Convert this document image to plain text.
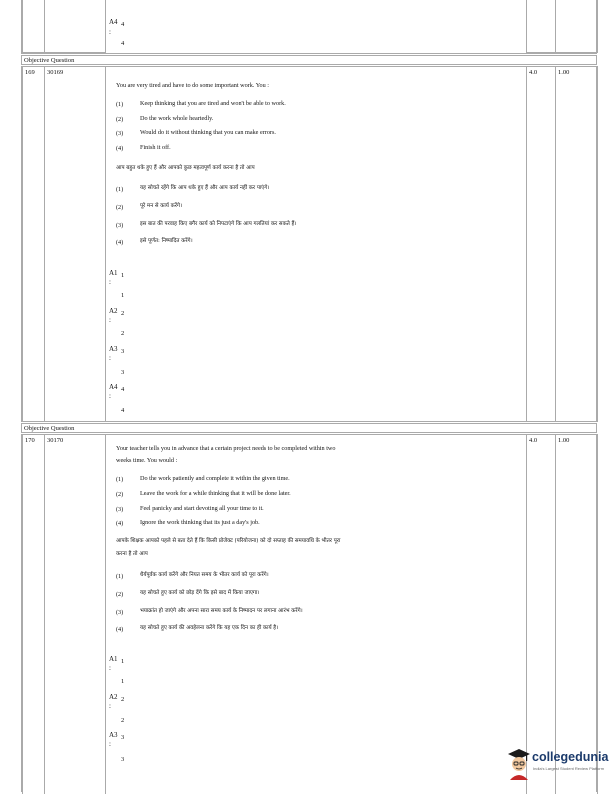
A4 4
:
4
Objective Question
169 30169	4.0	1.00
You are very tired and have to do some important work. You :
(1)	Keep thinking that you are tired and won't be able to work.
(2)	Do the work whole heartedly.
(3)	Would do it without thinking that you can make errors.
(4)	Finish it off.
आप बहुत थके हुए हैं और आपको कुछ महत्वपूर्ण कार्य करना है तो आप
(1)	यह सोचते रहेंगे कि आप थके हुए हैं और आप कार्य नहीं कर पाएंगे।
(2)	पूरे मन से कार्य करेंगे।
(3)	इस बात की परवाह किए बगैर कार्य को निपटाएंगे कि आप गलतियां कर सकते हैं।
(4)	इसे पूर्णत: निष्पादित करेंगे।
A1 1
:
1
A2 2
:
2
A3 3
:
3
A4 4
:
4
Objective Question
170 30170	4.0	1.00
Your teacher tells you in advance that a certain project needs to be completed within two
weeks time. You would :
(1)	Do the work patiently and complete it within the given time.
(2)	Leave the work for a while thinking that it will be done later.
(3)	Feel panicky and start devoting all your time to it.
(4)	Ignore the work thinking that its just a day's job.
आपके शिक्षक आपको पहले से बता देते हैं कि किसी प्रोजेक्ट (परियोजना) को दो सप्ताह की समयावधि के भीतर पूरा
करना है तो आप
(1)	धैर्यपूर्वक कार्य करेंगे और नियत समय के भीतर कार्य को पूरा करेंगे।
(2)	यह सोचते हुए कार्य को छोड़ देंगे कि इसे बाद में किया जाएगा।
(3)	भयाक्रांत हो जाएंगे और अपना सारा समय कार्य के निष्पादन पर लगाना आरंभ करेंगे।
(4)	यह सोचते हुए कार्य की अवहेलना करेंगे कि यह एक दिन का ही कार्य है।
A1 1
:
1
A2 2
:
2
A3 3
:
3	collegedunia
India's Largest Student Review Platform
